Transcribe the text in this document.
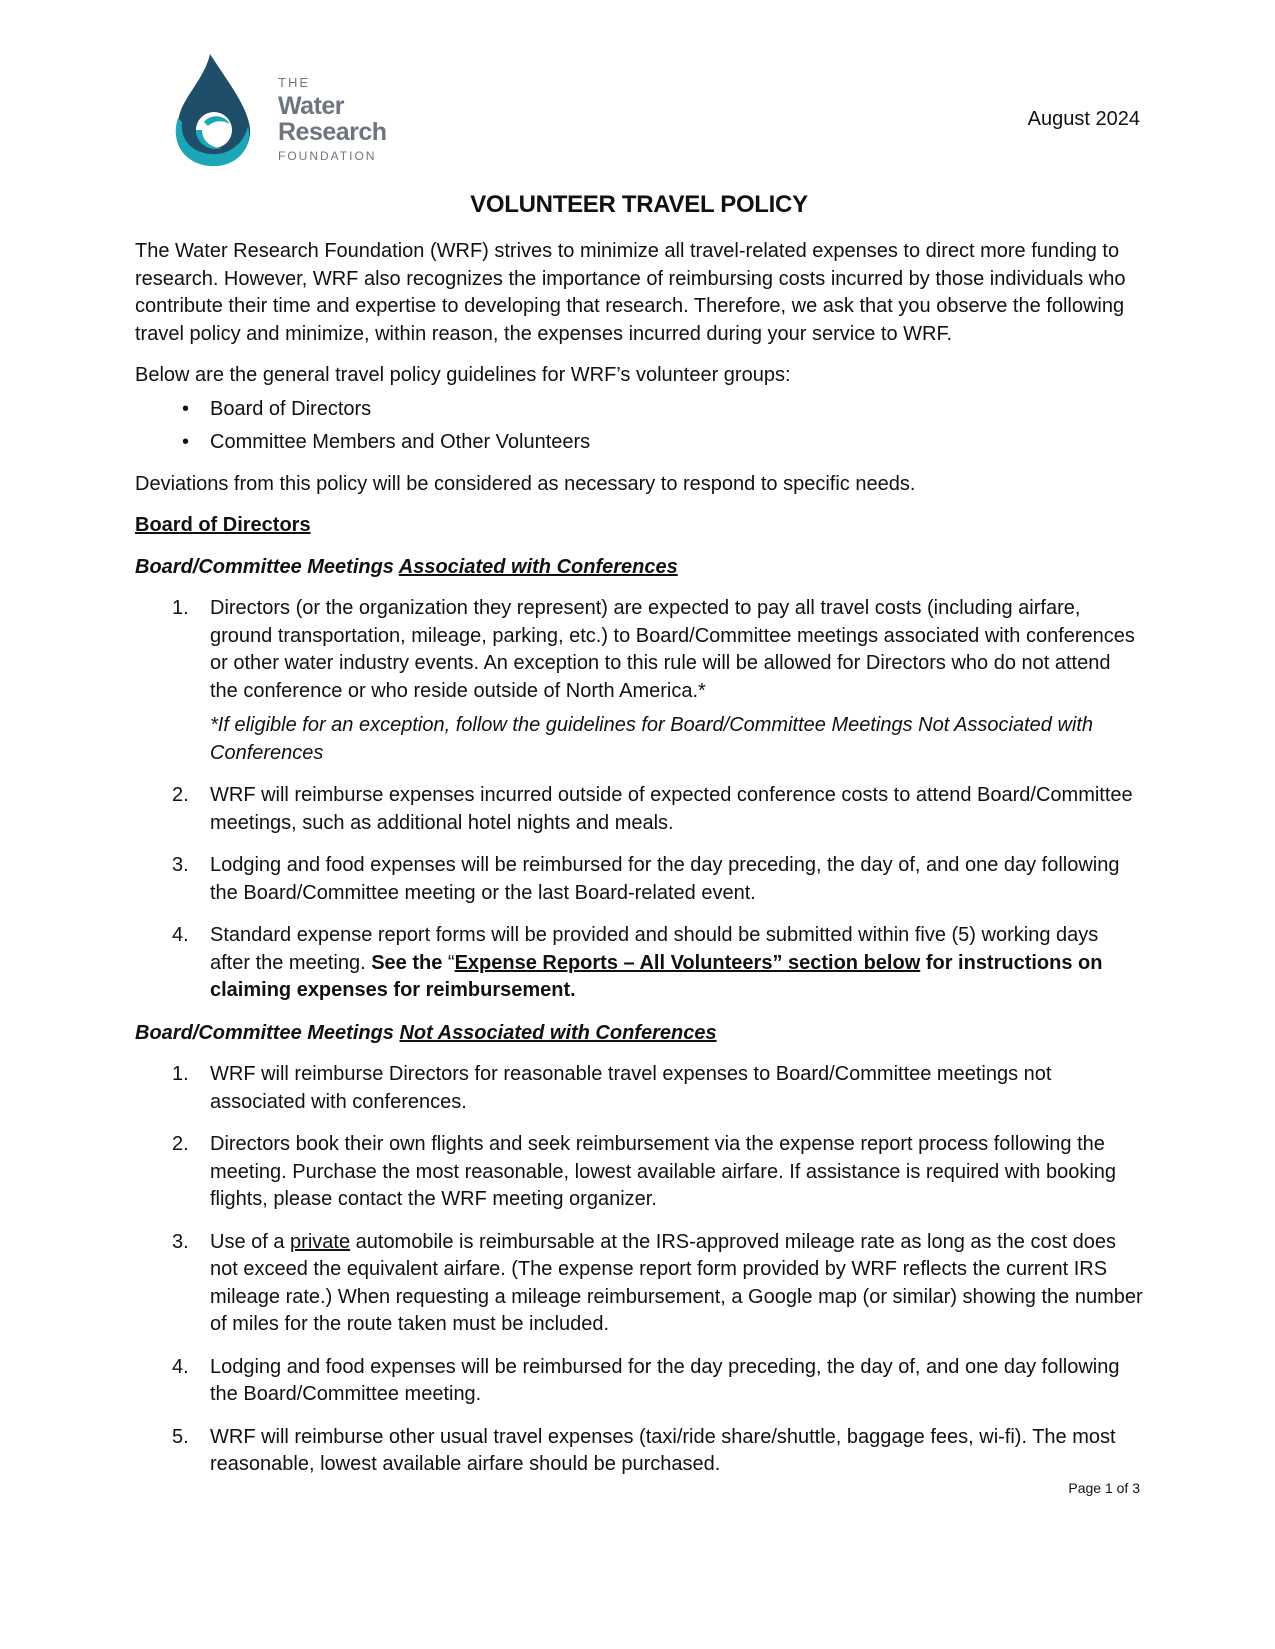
THE
Water
Research
FOUNDATION
August 2024
VOLUNTEER TRAVEL POLICY

The Water Research Foundation (WRF) strives to minimize all travel-related expenses to direct more funding to research. However, WRF also recognizes the importance of reimbursing costs incurred by those individuals who contribute their time and expertise to developing that research. Therefore, we ask that you observe the following travel policy and minimize, within reason, the expenses incurred during your service to WRF.

Below are the general travel policy guidelines for WRF’s volunteer groups:

• Board of Directors
• Committee Members and Other Volunteers

Deviations from this policy will be considered as necessary to respond to specific needs.

Board of Directors
Board/Committee Meetings Associated with Conferences
1. Directors (or the organization they represent) are expected to pay all travel costs (including airfare, ground transportation, mileage, parking, etc.) to Board/Committee meetings associated with conferences or other water industry events. An exception to this rule will be allowed for Directors who do not attend the conference or who reside outside of North America.*
*If eligible for an exception, follow the guidelines for Board/Committee Meetings Not Associated with Conferences
2. WRF will reimburse expenses incurred outside of expected conference costs to attend Board/Committee meetings, such as additional hotel nights and meals.
3. Lodging and food expenses will be reimbursed for the day preceding, the day of, and one day following the Board/Committee meeting or the last Board-related event.
4. Standard expense report forms will be provided and should be submitted within five (5) working days after the meeting. See the “Expense Reports – All Volunteers” section below for instructions on claiming expenses for reimbursement.
Board/Committee Meetings Not Associated with Conferences
1. WRF will reimburse Directors for reasonable travel expenses to Board/Committee meetings not associated with conferences.
2. Directors book their own flights and seek reimbursement via the expense report process following the meeting. Purchase the most reasonable, lowest available airfare. If assistance is required with booking flights, please contact the WRF meeting organizer.
3. Use of a private automobile is reimbursable at the IRS-approved mileage rate as long as the cost does not exceed the equivalent airfare. (The expense report form provided by WRF reflects the current IRS mileage rate.) When requesting a mileage reimbursement, a Google map (or similar) showing the number of miles for the route taken must be included.
4. Lodging and food expenses will be reimbursed for the day preceding, the day of, and one day following the Board/Committee meeting.
5. WRF will reimburse other usual travel expenses (taxi/ride share/shuttle, baggage fees, wi-fi). The most reasonable, lowest available airfare should be purchased.
Page 1 of 3
